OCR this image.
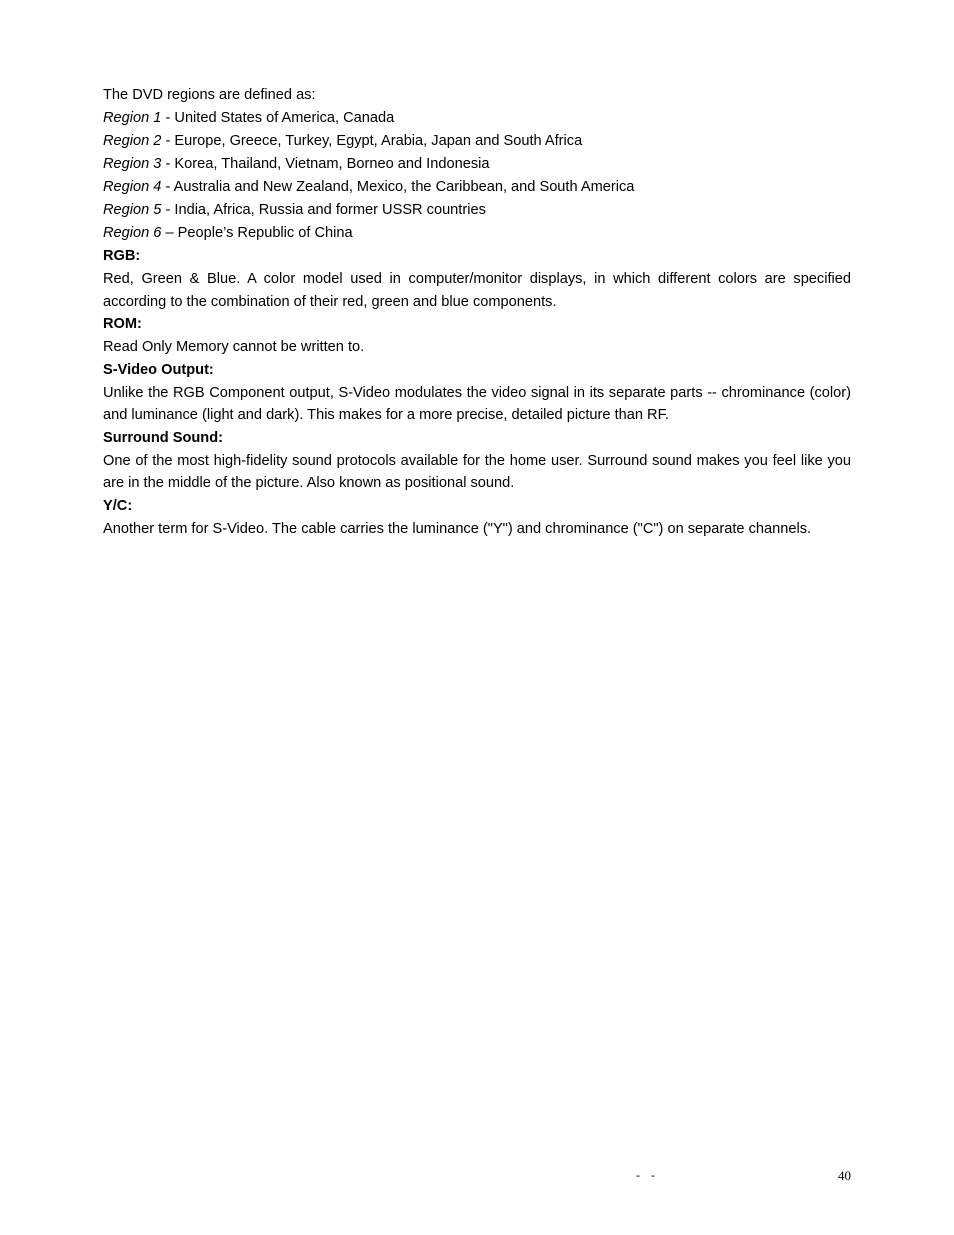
The DVD regions are defined as:

Region 1 - United States of America, Canada

Region 2 - Europe, Greece, Turkey, Egypt, Arabia, Japan and South Africa

Region 3 - Korea, Thailand, Vietnam, Borneo and Indonesia

Region 4 - Australia and New Zealand, Mexico, the Caribbean, and South America

Region 5 - India, Africa, Russia and former USSR countries

Region 6 – People’s Republic of China

RGB:

Red, Green & Blue. A color model used in computer/monitor displays, in which different colors are specified according to the combination of their red, green and blue components.

ROM:

Read Only Memory cannot be written to.

S-Video Output:

Unlike the RGB Component output, S-Video modulates the video signal in its separate parts -- chrominance (color) and luminance (light and dark). This makes for a more precise, detailed picture than RF.

Surround Sound:

One of the most high-fidelity sound protocols available for the home user. Surround sound makes you feel like you are in the middle of the picture. Also known as positional sound.

Y/C:

Another term for S-Video. The cable carries the luminance ("Y") and chrominance ("C") on separate channels.

- -	40
